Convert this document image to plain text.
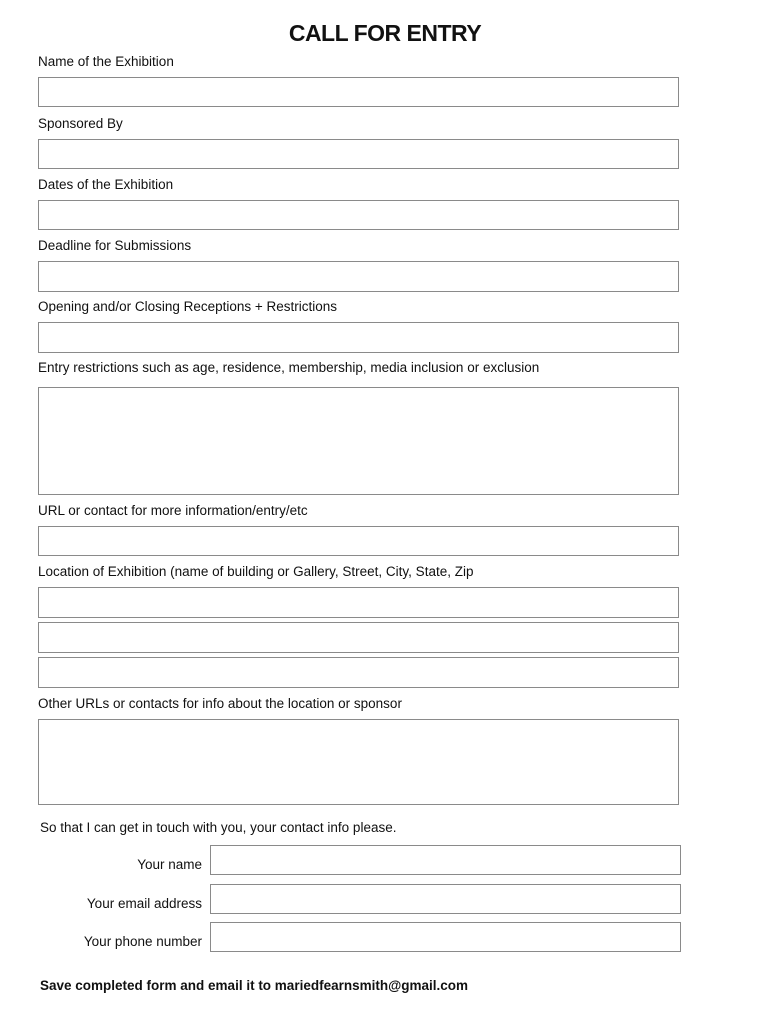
CALL FOR ENTRY
Name of the Exhibition
Sponsored By
Dates of the Exhibition
Deadline for Submissions
Opening and/or Closing Receptions + Restrictions
Entry restrictions such as age, residence, membership, media inclusion or exclusion
URL or contact for more information/entry/etc
Location of Exhibition (name of building or Gallery, Street, City, State, Zip
Other URLs or contacts for info about the location or sponsor
So that I can get in touch with you, your contact info please.
Your name
Your email address
Your phone number
Save completed form and email it to mariedfearnsmith@gmail.com
